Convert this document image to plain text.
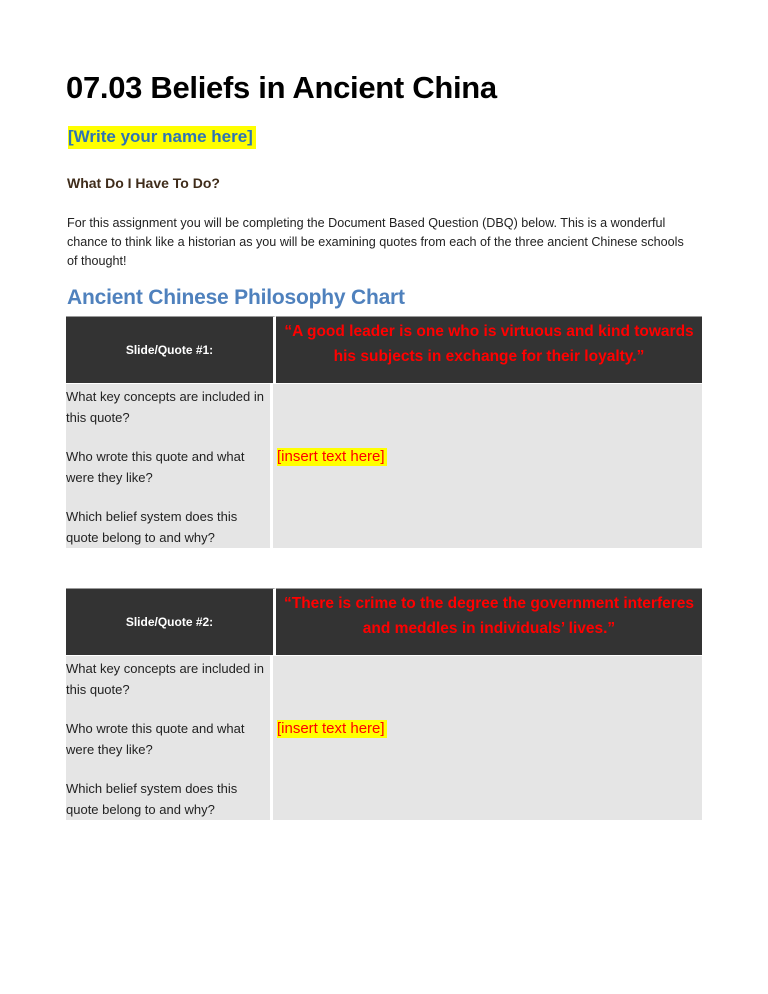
07.03 Beliefs in Ancient China
[Write your name here]
What Do I Have To Do?
For this assignment you will be completing the Document Based Question (DBQ) below. This is a wonderful chance to think like a historian as you will be examining quotes from each of the three ancient Chinese schools of thought!
Ancient Chinese Philosophy Chart
Slide/Quote #1:
“A good leader is one who is virtuous and kind towards his subjects in exchange for their loyalty.”
What key concepts are included in this quote?
Who wrote this quote and what were they like?
Which belief system does this quote belong to and why?
[insert text here]
Slide/Quote #2:
“There is crime to the degree the government interferes and meddles in individuals’ lives.”
What key concepts are included in this quote?
Who wrote this quote and what were they like?
Which belief system does this quote belong to and why?
[insert text here]
